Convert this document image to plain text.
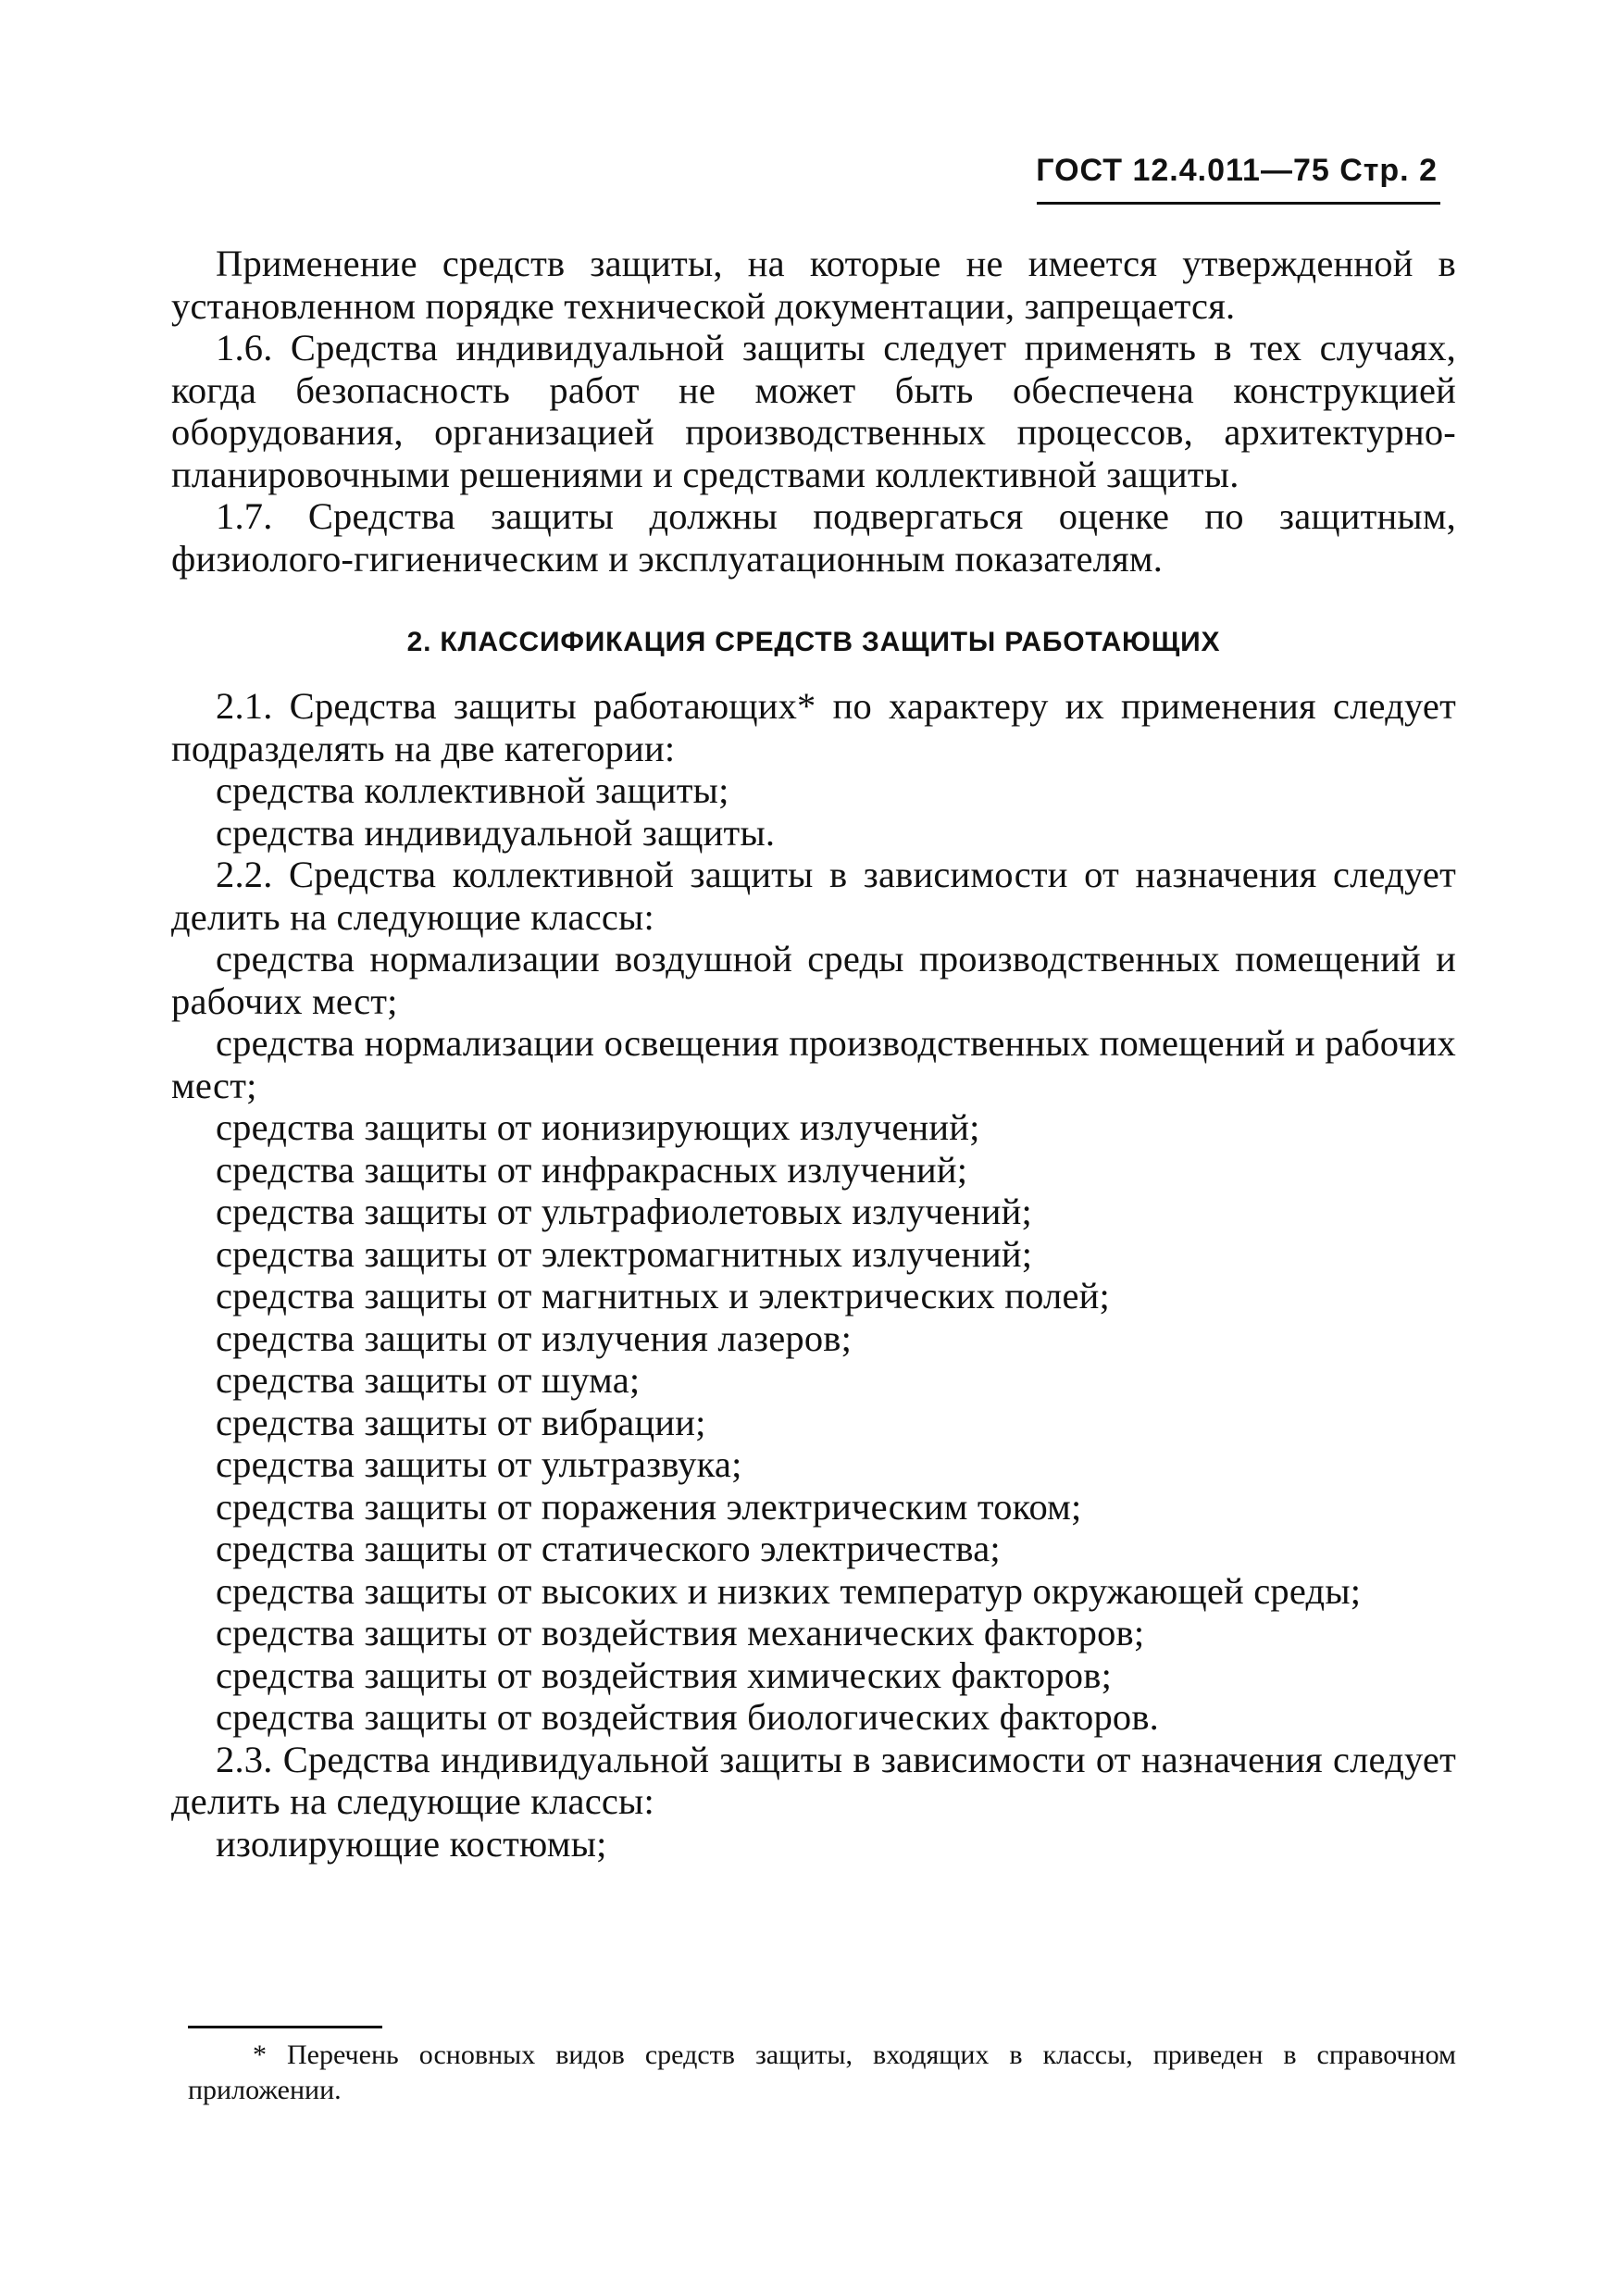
ГОСТ 12.4.011—75 Стр. 2

Применение средств защиты, на которые не имеется утвержденной в установленном порядке технической документации, запрещается.

1.6. Средства индивидуальной защиты следует применять в тех случаях, когда безопасность работ не может быть обеспечена конструкцией оборудования, организацией производственных процессов, архитектурно-планировочными решениями и средствами коллективной защиты.

1.7. Средства защиты должны подвергаться оценке по защитным, физиолого-гигиеническим и эксплуатационным показателям.

2. КЛАССИФИКАЦИЯ СРЕДСТВ ЗАЩИТЫ РАБОТАЮЩИХ

2.1. Средства защиты работающих* по характеру их применения следует подразделять на две категории:

средства коллективной защиты;

средства индивидуальной защиты.

2.2. Средства коллективной защиты в зависимости от назначения следует делить на следующие классы:

средства нормализации воздушной среды производственных помещений и рабочих мест;

средства нормализации освещения производственных помещений и рабочих мест;

средства защиты от ионизирующих излучений;

средства защиты от инфракрасных излучений;

средства защиты от ультрафиолетовых излучений;

средства защиты от электромагнитных излучений;

средства защиты от магнитных и электрических полей;

средства защиты от излучения лазеров;

средства защиты от шума;

средства защиты от вибрации;

средства защиты от ультразвука;

средства защиты от поражения электрическим током;

средства защиты от статического электричества;

средства защиты от высоких и низких температур окружающей среды;

средства защиты от воздействия механических факторов;

средства защиты от воздействия химических факторов;

средства защиты от воздействия биологических факторов.

2.3. Средства индивидуальной защиты в зависимости от назначения следует делить на следующие классы:

изолирующие костюмы;

* Перечень основных видов средств защиты, входящих в классы, приведен в справочном приложении.
